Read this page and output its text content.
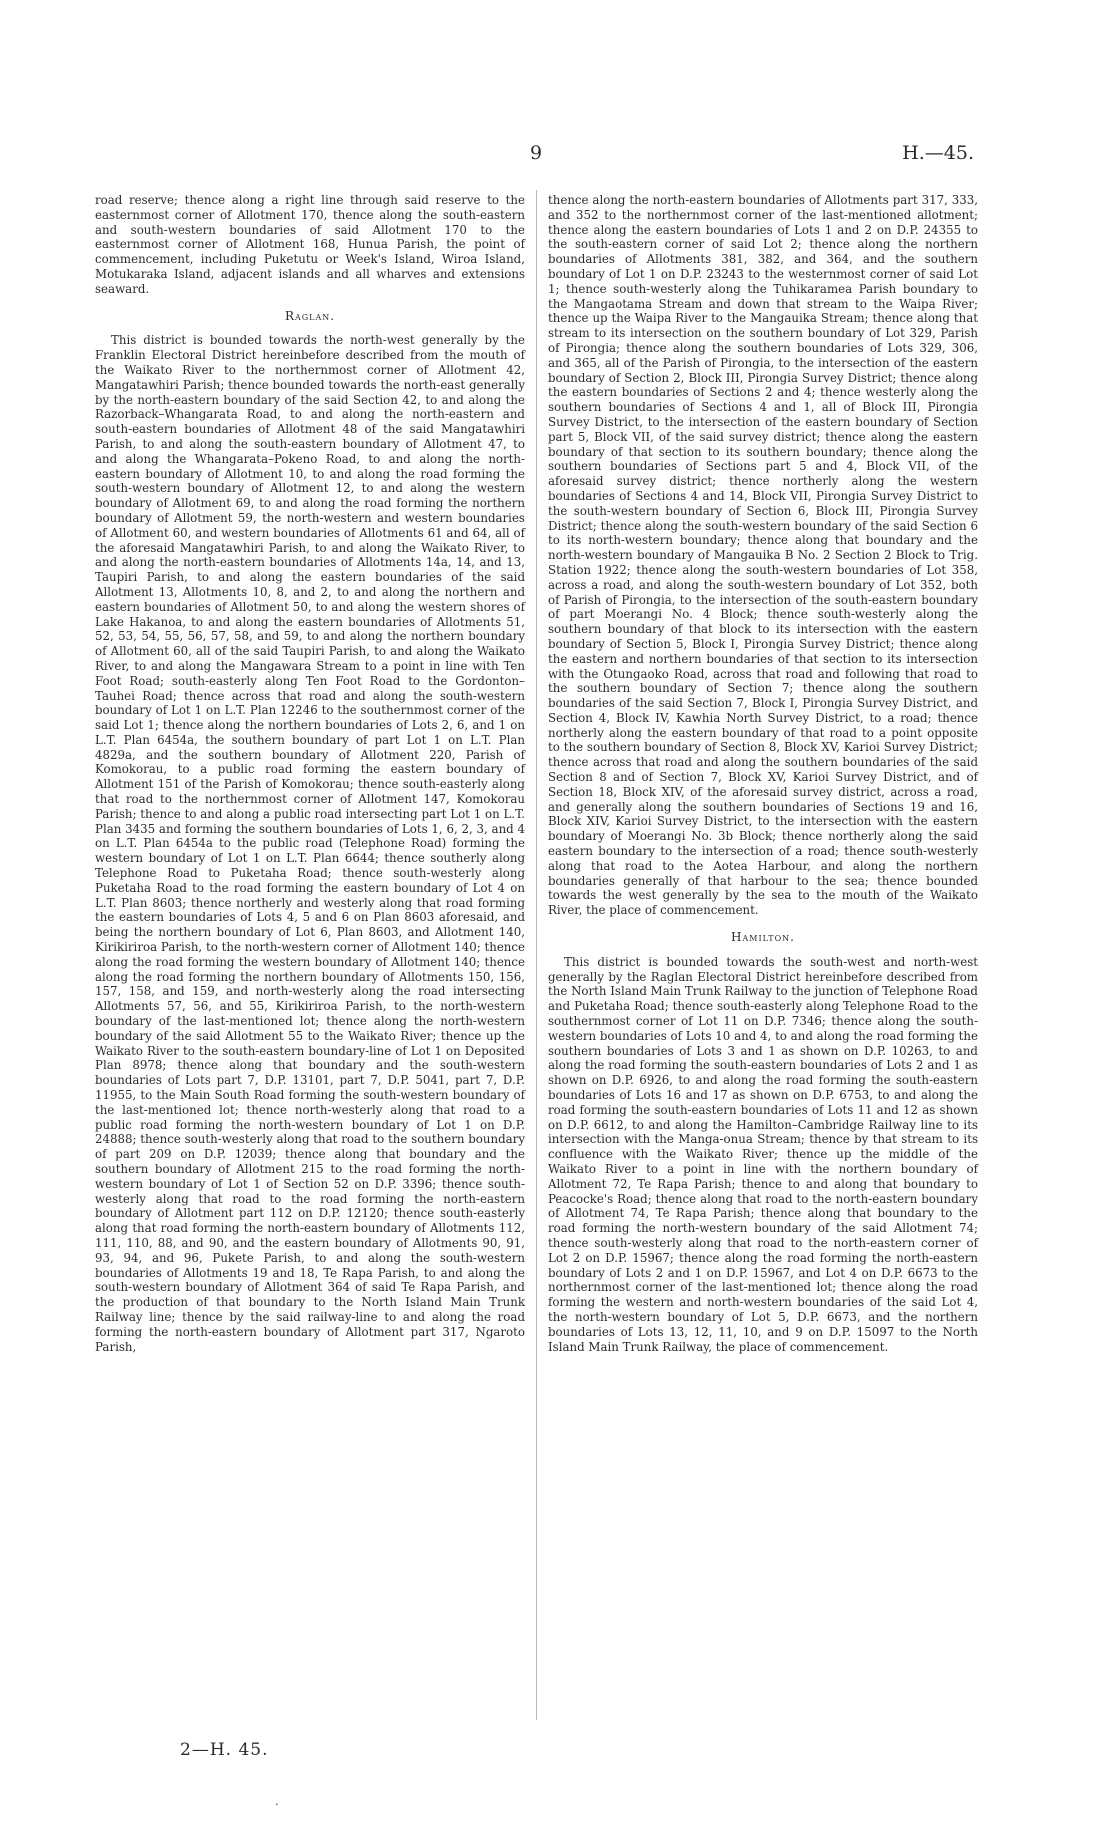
9	H.—45.

road reserve; thence along a right line through said reserve to the easternmost corner of Allotment 170, thence along the south-eastern and south-western boundaries of said Allotment 170 to the easternmost corner of Allotment 168, Hunua Parish, the point of commencement, including Puketutu or Week's Island, Wiroa Island, Motukaraka Island, adjacent islands and all wharves and extensions seaward.

Raglan.

This district is bounded towards the north-west generally by the Franklin Electoral District hereinbefore described from the mouth of the Waikato River to the northernmost corner of Allotment 42, Mangatawhiri Parish; thence bounded towards the north-east generally by the north-eastern boundary of the said Section 42, to and along the Razorback–Whangarata Road, to and along the north-eastern and south-eastern boundaries of Allotment 48 of the said Mangatawhiri Parish, to and along the south-eastern boundary of Allotment 47, to and along the Whangarata–Pokeno Road, to and along the north-eastern boundary of Allotment 10, to and along the road forming the south-western boundary of Allotment 12, to and along the western boundary of Allotment 69, to and along the road forming the northern boundary of Allotment 59, the north-western and western boundaries of Allotment 60, and western boundaries of Allotments 61 and 64, all of the aforesaid Mangatawhiri Parish, to and along the Waikato River, to and along the north-eastern boundaries of Allotments 14a, 14, and 13, Taupiri Parish, to and along the eastern boundaries of the said Allotment 13, Allotments 10, 8, and 2, to and along the northern and eastern boundaries of Allotment 50, to and along the western shores of Lake Hakanoa, to and along the eastern boundaries of Allotments 51, 52, 53, 54, 55, 56, 57, 58, and 59, to and along the northern boundary of Allotment 60, all of the said Taupiri Parish, to and along the Waikato River, to and along the Mangawara Stream to a point in line with Ten Foot Road; south-easterly along Ten Foot Road to the Gordonton–Tauhei Road; thence across that road and along the south-western boundary of Lot 1 on L.T. Plan 12246 to the southernmost corner of the said Lot 1; thence along the northern boundaries of Lots 2, 6, and 1 on L.T. Plan 6454a, the southern boundary of part Lot 1 on L.T. Plan 4829a, and the southern boundary of Allotment 220, Parish of Komokorau, to a public road forming the eastern boundary of Allotment 151 of the Parish of Komokorau; thence south-easterly along that road to the northernmost corner of Allotment 147, Komokorau Parish; thence to and along a public road intersecting part Lot 1 on L.T. Plan 3435 and forming the southern boundaries of Lots 1, 6, 2, 3, and 4 on L.T. Plan 6454a to the public road (Telephone Road) forming the western boundary of Lot 1 on L.T. Plan 6644; thence southerly along Telephone Road to Puketaha Road; thence south-westerly along Puketaha Road to the road forming the eastern boundary of Lot 4 on L.T. Plan 8603; thence northerly and westerly along that road forming the eastern boundaries of Lots 4, 5 and 6 on Plan 8603 aforesaid, and being the northern boundary of Lot 6, Plan 8603, and Allotment 140, Kirikiriroa Parish, to the north-western corner of Allotment 140; thence along the road forming the western boundary of Allotment 140; thence along the road forming the northern boundary of Allotments 150, 156, 157, 158, and 159, and north-westerly along the road intersecting Allotments 57, 56, and 55, Kirikiriroa Parish, to the north-western boundary of the last-mentioned lot; thence along the north-western boundary of the said Allotment 55 to the Waikato River; thence up the Waikato River to the south-eastern boundary-line of Lot 1 on Deposited Plan 8978; thence along that boundary and the south-western boundaries of Lots part 7, D.P. 13101, part 7, D.P. 5041, part 7, D.P. 11955, to the Main South Road forming the south-western boundary of the last-mentioned lot; thence north-westerly along that road to a public road forming the north-western boundary of Lot 1 on D.P. 24888; thence south-westerly along that road to the southern boundary of part 209 on D.P. 12039; thence along that boundary and the southern boundary of Allotment 215 to the road forming the north-western boundary of Lot 1 of Section 52 on D.P. 3396; thence south-westerly along that road to the road forming the north-eastern boundary of Allotment part 112 on D.P. 12120; thence south-easterly along that road forming the north-eastern boundary of Allotments 112, 111, 110, 88, and 90, and the eastern boundary of Allotments 90, 91, 93, 94, and 96, Pukete Parish, to and along the south-western boundaries of Allotments 19 and 18, Te Rapa Parish, to and along the south-western boundary of Allotment 364 of said Te Rapa Parish, and the production of that boundary to the North Island Main Trunk Railway line; thence by the said railway-line to and along the road forming the north-eastern boundary of Allotment part 317, Ngaroto Parish,

thence along the north-eastern boundaries of Allotments part 317, 333, and 352 to the northernmost corner of the last-mentioned allotment; thence along the eastern boundaries of Lots 1 and 2 on D.P. 24355 to the south-eastern corner of said Lot 2; thence along the northern boundaries of Allotments 381, 382, and 364, and the southern boundary of Lot 1 on D.P. 23243 to the westernmost corner of said Lot 1; thence south-westerly along the Tuhikaramea Parish boundary to the Mangaotama Stream and down that stream to the Waipa River; thence up the Waipa River to the Mangauika Stream; thence along that stream to its intersection on the southern boundary of Lot 329, Parish of Pirongia; thence along the southern boundaries of Lots 329, 306, and 365, all of the Parish of Pirongia, to the intersection of the eastern boundary of Section 2, Block III, Pirongia Survey District; thence along the eastern boundaries of Sections 2 and 4; thence westerly along the southern boundaries of Sections 4 and 1, all of Block III, Pirongia Survey District, to the intersection of the eastern boundary of Section part 5, Block VII, of the said survey district; thence along the eastern boundary of that section to its southern boundary; thence along the southern boundaries of Sections part 5 and 4, Block VII, of the aforesaid survey district; thence northerly along the western boundaries of Sections 4 and 14, Block VII, Pirongia Survey District to the south-western boundary of Section 6, Block III, Pirongia Survey District; thence along the south-western boundary of the said Section 6 to its north-western boundary; thence along that boundary and the north-western boundary of Mangauika B No. 2 Section 2 Block to Trig. Station 1922; thence along the south-western boundaries of Lot 358, across a road, and along the south-western boundary of Lot 352, both of Parish of Pirongia, to the intersection of the south-eastern boundary of part Moerangi No. 4 Block; thence south-westerly along the southern boundary of that block to its intersection with the eastern boundary of Section 5, Block I, Pirongia Survey District; thence along the eastern and northern boundaries of that section to its intersection with the Otungaoko Road, across that road and following that road to the southern boundary of Section 7; thence along the southern boundaries of the said Section 7, Block I, Pirongia Survey District, and Section 4, Block IV, Kawhia North Survey District, to a road; thence northerly along the eastern boundary of that road to a point opposite to the southern boundary of Section 8, Block XV, Karioi Survey District; thence across that road and along the southern boundaries of the said Section 8 and of Section 7, Block XV, Karioi Survey District, and of Section 18, Block XIV, of the aforesaid survey district, across a road, and generally along the southern boundaries of Sections 19 and 16, Block XIV, Karioi Survey District, to the intersection with the eastern boundary of Moerangi No. 3b Block; thence northerly along the said eastern boundary to the intersection of a road; thence south-westerly along that road to the Aotea Harbour, and along the northern boundaries generally of that harbour to the sea; thence bounded towards the west generally by the sea to the mouth of the Waikato River, the place of commencement.

Hamilton.

This district is bounded towards the south-west and north-west generally by the Raglan Electoral District hereinbefore described from the North Island Main Trunk Railway to the junction of Telephone Road and Puketaha Road; thence south-easterly along Telephone Road to the southernmost corner of Lot 11 on D.P. 7346; thence along the south-western boundaries of Lots 10 and 4, to and along the road forming the southern boundaries of Lots 3 and 1 as shown on D.P. 10263, to and along the road forming the south-eastern boundaries of Lots 2 and 1 as shown on D.P. 6926, to and along the road forming the south-eastern boundaries of Lots 16 and 17 as shown on D.P. 6753, to and along the road forming the south-eastern boundaries of Lots 11 and 12 as shown on D.P. 6612, to and along the Hamilton–Cambridge Railway line to its intersection with the Manga-onua Stream; thence by that stream to its confluence with the Waikato River; thence up the middle of the Waikato River to a point in line with the northern boundary of Allotment 72, Te Rapa Parish; thence to and along that boundary to Peacocke's Road; thence along that road to the north-eastern boundary of Allotment 74, Te Rapa Parish; thence along that boundary to the road forming the north-western boundary of the said Allotment 74; thence south-westerly along that road to the north-eastern corner of Lot 2 on D.P. 15967; thence along the road forming the north-eastern boundary of Lots 2 and 1 on D.P. 15967, and Lot 4 on D.P. 6673 to the northernmost corner of the last-mentioned lot; thence along the road forming the western and north-western boundaries of the said Lot 4, the north-western boundary of Lot 5, D.P. 6673, and the northern boundaries of Lots 13, 12, 11, 10, and 9 on D.P. 15097 to the North Island Main Trunk Railway, the place of commencement.

2—H. 45.
․
